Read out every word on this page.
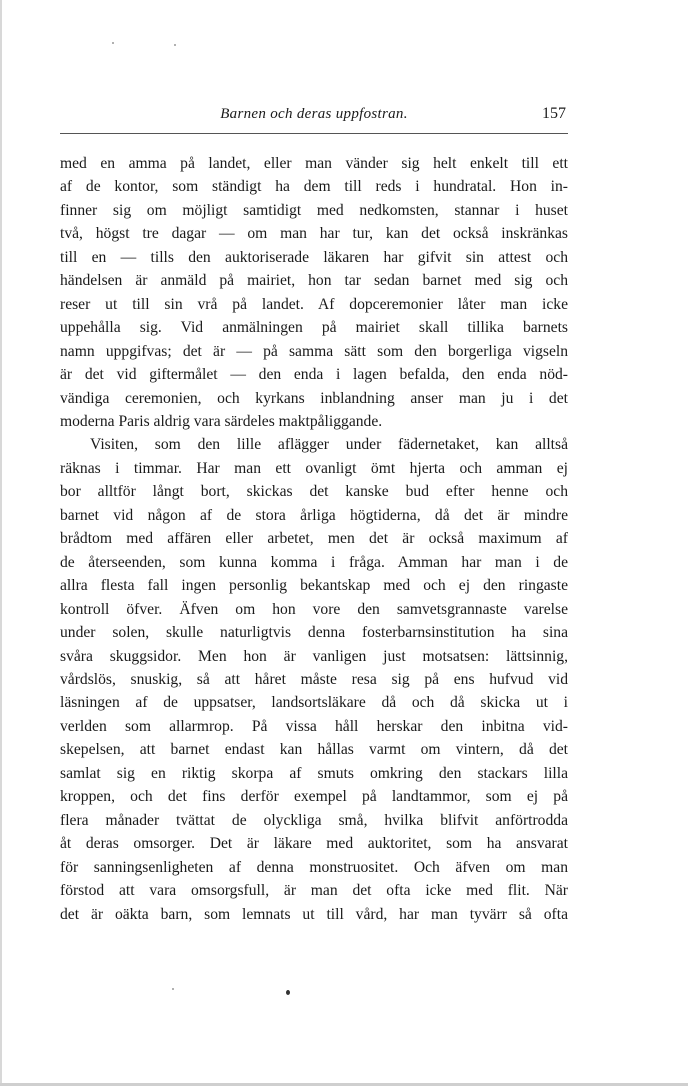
Barnen och deras uppfostran.	157

med en amma på landet, eller man vänder sig helt enkelt till ett
af de kontor, som ständigt ha dem till reds i hundratal. Hon in-
finner sig om möjligt samtidigt med nedkomsten, stannar i huset
två, högst tre dagar — om man har tur, kan det också inskränkas
till en — tills den auktoriserade läkaren har gifvit sin attest och
händelsen är anmäld på mairiet, hon tar sedan barnet med sig och
reser ut till sin vrå på landet. Af dopceremonier låter man icke
uppehålla sig. Vid anmälningen på mairiet skall tillika barnets
namn uppgifvas; det är — på samma sätt som den borgerliga vigseln
är det vid giftermålet — den enda i lagen befalda, den enda nöd-
vändiga ceremonien, och kyrkans inblandning anser man ju i det
moderna Paris aldrig vara särdeles maktpåliggande.

Visiten, som den lille aflägger under fädernetaket, kan alltså
räknas i timmar. Har man ett ovanligt ömt hjerta och amman ej
bor alltför långt bort, skickas det kanske bud efter henne och
barnet vid någon af de stora årliga högtiderna, då det är mindre
brådtom med affären eller arbetet, men det är också maximum af
de återseenden, som kunna komma i fråga. Amman har man i de
allra flesta fall ingen personlig bekantskap med och ej den ringaste
kontroll öfver. Äfven om hon vore den samvetsgrannaste varelse
under solen, skulle naturligtvis denna fosterbarnsinstitution ha sina
svåra skuggsidor. Men hon är vanligen just motsatsen: lättsinnig,
vårdslös, snuskig, så att håret måste resa sig på ens hufvud vid
läsningen af de uppsatser, landsortsläkare då och då skicka ut i
verlden som allarmrop. På vissa håll herskar den inbitna vid-
skepelsen, att barnet endast kan hållas varmt om vintern, då det
samlat sig en riktig skorpa af smuts omkring den stackars lilla
kroppen, och det fins derför exempel på landtammor, som ej på
flera månader tvättat de olyckliga små, hvilka blifvit anförtrodda
åt deras omsorger. Det är läkare med auktoritet, som ha ansvarat
för sanningsenligheten af denna monstruositet. Och äfven om man
förstod att vara omsorgsfull, är man det ofta icke med flit. När
det är oäkta barn, som lemnats ut till vård, har man tyvärr så ofta
